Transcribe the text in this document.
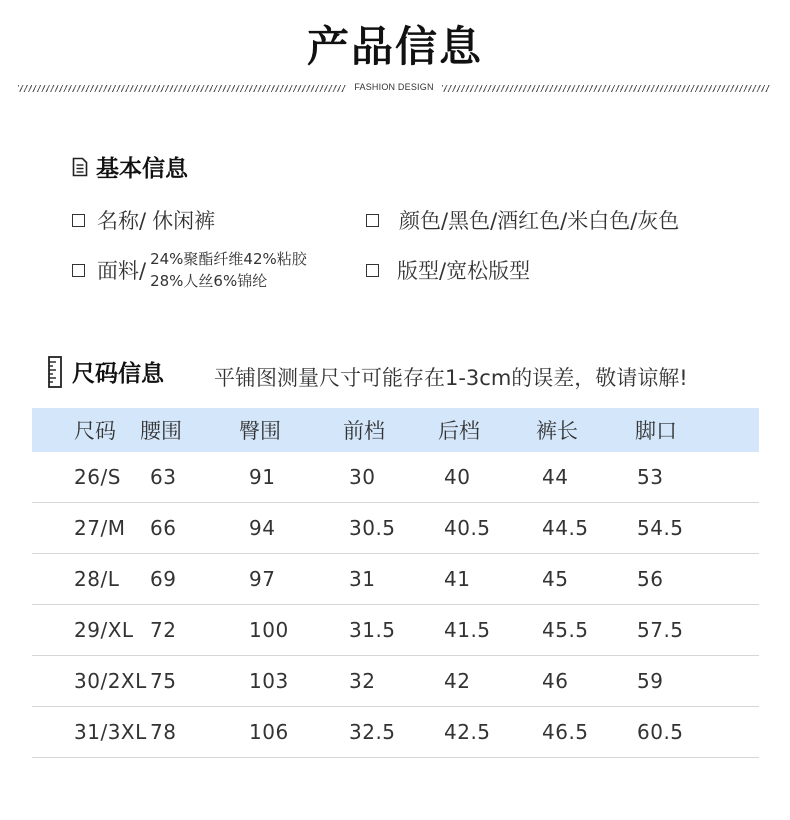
产品信息
FASHION DESIGN
基本信息
名称/ 休闲裤	颜色/黑色/酒红色/米白色/灰色
面料/ 24%聚酯纤维42%粘胶
28%人丝6%锦纶	版型/宽松版型
尺码信息 平铺图测量尺寸可能存在1-3cm的误差，敬请谅解!
尺码	腰围	臀围	前档	后档	裤长	脚口
26/S	63	91	30	40	44	53
27/M	66	94	30.5	40.5	44.5	54.5
28/L	69	97	31	41	45	56
29/XL	72	100	31.5	41.5	45.5	57.5
30/2XL	75	103	32	42	46	59
31/3XL	78	106	32.5	42.5	46.5	60.5
